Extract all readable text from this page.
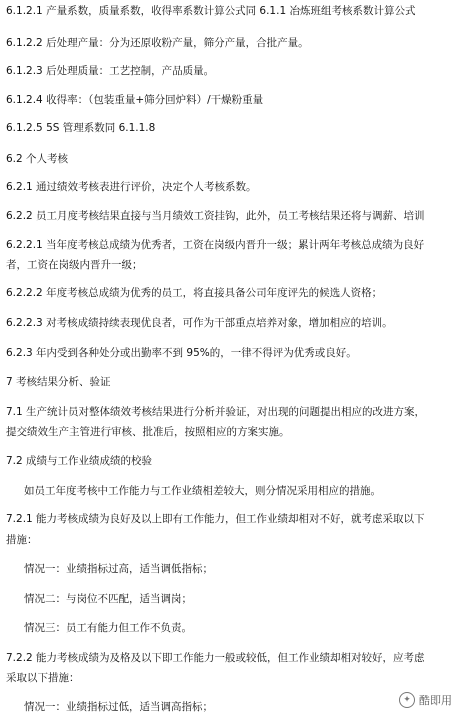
6.1.2.1 产量系数，质量系数，收得率系数计算公式同 6.1.1 冶炼班组考核系数计算公式
6.1.2.2 后处理产量：分为还原收粉产量，筛分产量，合批产量。
6.1.2.3 后处理质量：工艺控制，产品质量。
6.1.2.4 收得率：（包装重量+筛分回炉料）/干燥粉重量
6.1.2.5 5S 管理系数同 6.1.1.8
6.2 个人考核
6.2.1 通过绩效考核表进行评价，决定个人考核系数。
6.2.2 员工月度考核结果直接与当月绩效工资挂钩，此外，员工考核结果还将与调薪、培训
6.2.2.1 当年度考核总成绩为优秀者，工资在岗级内晋升一级；累计两年考核总成绩为良好
者，工资在岗级内晋升一级；
6.2.2.2 年度考核总成绩为优秀的员工，将直接具备公司年度评先的候选人资格；
6.2.2.3 对考核成绩持续表现优良者，可作为干部重点培养对象，增加相应的培训。
6.2.3 年内受到各种处分或出勤率不到 95%的，一律不得评为优秀或良好。
7 考核结果分析、验证
7.1 生产统计员对整体绩效考核结果进行分析并验证，对出现的问题提出相应的改进方案，
提交绩效生产主管进行审核、批准后，按照相应的方案实施。
7.2 成绩与工作业绩成绩的校验
如员工年度考核中工作能力与工作业绩相差较大，则分情况采用相应的措施。
7.2.1 能力考核成绩为良好及以上即有工作能力，但工作业绩却相对不好，就考虑采取以下
措施：
情况一：业绩指标过高，适当调低指标；
情况二：与岗位不匹配，适当调岗；
情况三：员工有能力但工作不负责。
7.2.2 能力考核成绩为及格及以下即工作能力一般或较低，但工作业绩却相对较好，应考虑
采取以下措施：
情况一：业绩指标过低，适当调高指标；
✦ 酷即用
